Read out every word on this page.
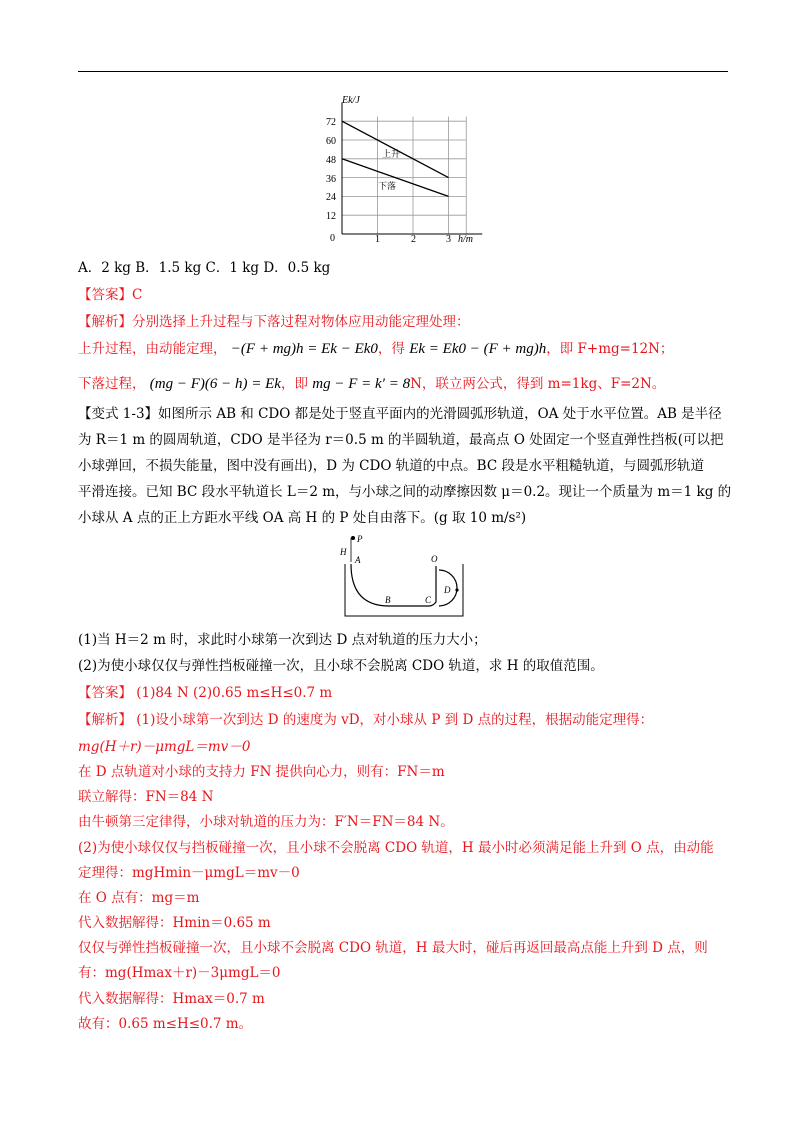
Ek/J
h/m
0
72
60
48
36
24
12
1	2	3
上升
下落
A．2 kg B．1.5 kg C．1 kg D．0.5 kg
【答案】C
【解析】分别选择上升过程与下落过程对物体应用动能定理处理：
上升过程，由动能定理， −(F + mg)h = Ek − Ek0，得 Ek = Ek0 − (F + mg)h，即 F+mg=12N；
下落过程， (mg − F)(6 − h) = Ek，即 mg − F = k′ = 8N，联立两公式，得到 m=1kg、F=2N。
【变式 1-3】如图所示 AB 和 CDO 都是处于竖直平面内的光滑圆弧形轨道，OA 处于水平位置。AB 是半径
为 R＝1 m 的圆周轨道，CDO 是半径为 r＝0.5 m 的半圆轨道，最高点 O 处固定一个竖直弹性挡板(可以把
小球弹回，不损失能量，图中没有画出)，D 为 CDO 轨道的中点。BC 段是水平粗糙轨道，与圆弧形轨道
平滑连接。已知 BC 段水平轨道长 L＝2 m，与小球之间的动摩擦因数 μ＝0.2。现让一个质量为 m＝1 kg 的
小球从 A 点的正上方距水平线 OA 高 H 的 P 处自由落下。(g 取 10 m/s²)
P
H
A	O
D
B	C
(1)当 H＝2 m 时，求此时小球第一次到达 D 点对轨道的压力大小；
(2)为使小球仅仅与弹性挡板碰撞一次，且小球不会脱离 CDO 轨道，求 H 的取值范围。
【答案】 (1)84 N (2)0.65 m≤H≤0.7 m
【解析】 (1)设小球第一次到达 D 的速度为 vD，对小球从 P 到 D 点的过程，根据动能定理得：
mg(H＋r)－μmgL＝mv－0
在 D 点轨道对小球的支持力 FN 提供向心力，则有：FN＝m
联立解得：FN＝84 N
由牛顿第三定律得，小球对轨道的压力为：F′N＝FN＝84 N。
(2)为使小球仅仅与挡板碰撞一次，且小球不会脱离 CDO 轨道，H 最小时必须满足能上升到 O 点，由动能
定理得：mgHmin－μmgL＝mv－0
在 O 点有：mg＝m
代入数据解得：Hmin＝0.65 m
仅仅与弹性挡板碰撞一次，且小球不会脱离 CDO 轨道，H 最大时，碰后再返回最高点能上升到 D 点，则
有：mg(Hmax＋r)－3μmgL＝0
代入数据解得：Hmax＝0.7 m
故有：0.65 m≤H≤0.7 m。
